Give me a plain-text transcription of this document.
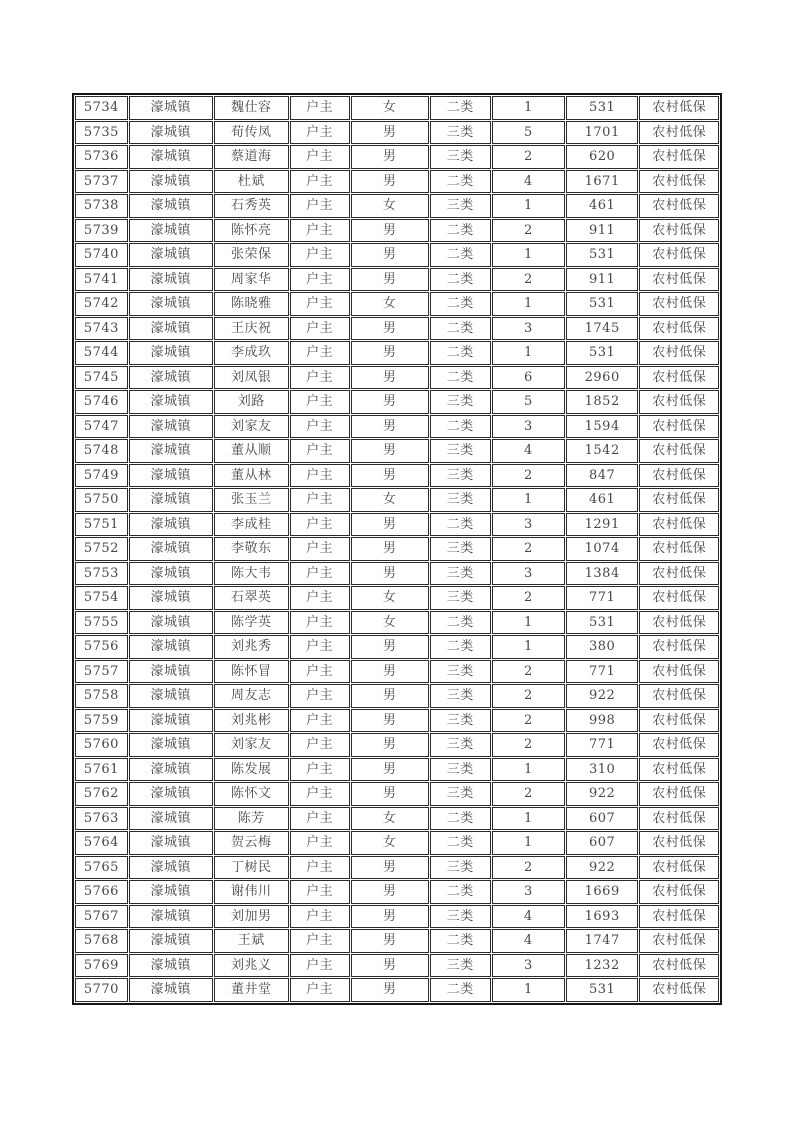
5734	濠城镇	魏仕容	户主	女	二类	1	531	农村低保
5735	濠城镇	荀传凤	户主	男	三类	5	1701	农村低保
5736	濠城镇	蔡道海	户主	男	三类	2	620	农村低保
5737	濠城镇	杜斌	户主	男	二类	4	1671	农村低保
5738	濠城镇	石秀英	户主	女	三类	1	461	农村低保
5739	濠城镇	陈怀亮	户主	男	二类	2	911	农村低保
5740	濠城镇	张荣保	户主	男	二类	1	531	农村低保
5741	濠城镇	周家华	户主	男	二类	2	911	农村低保
5742	濠城镇	陈晓雅	户主	女	二类	1	531	农村低保
5743	濠城镇	王庆祝	户主	男	二类	3	1745	农村低保
5744	濠城镇	李成玖	户主	男	二类	1	531	农村低保
5745	濠城镇	刘凤银	户主	男	二类	6	2960	农村低保
5746	濠城镇	刘路	户主	男	三类	5	1852	农村低保
5747	濠城镇	刘家友	户主	男	二类	3	1594	农村低保
5748	濠城镇	董从顺	户主	男	三类	4	1542	农村低保
5749	濠城镇	董从林	户主	男	三类	2	847	农村低保
5750	濠城镇	张玉兰	户主	女	三类	1	461	农村低保
5751	濠城镇	李成桂	户主	男	二类	3	1291	农村低保
5752	濠城镇	李敬东	户主	男	三类	2	1074	农村低保
5753	濠城镇	陈大韦	户主	男	三类	3	1384	农村低保
5754	濠城镇	石翠英	户主	女	三类	2	771	农村低保
5755	濠城镇	陈学英	户主	女	二类	1	531	农村低保
5756	濠城镇	刘兆秀	户主	男	二类	1	380	农村低保
5757	濠城镇	陈怀冒	户主	男	三类	2	771	农村低保
5758	濠城镇	周友志	户主	男	三类	2	922	农村低保
5759	濠城镇	刘兆彬	户主	男	三类	2	998	农村低保
5760	濠城镇	刘家友	户主	男	三类	2	771	农村低保
5761	濠城镇	陈发展	户主	男	三类	1	310	农村低保
5762	濠城镇	陈怀文	户主	男	三类	2	922	农村低保
5763	濠城镇	陈芳	户主	女	二类	1	607	农村低保
5764	濠城镇	贺云梅	户主	女	二类	1	607	农村低保
5765	濠城镇	丁树民	户主	男	三类	2	922	农村低保
5766	濠城镇	谢伟川	户主	男	二类	3	1669	农村低保
5767	濠城镇	刘加男	户主	男	三类	4	1693	农村低保
5768	濠城镇	王斌	户主	男	二类	4	1747	农村低保
5769	濠城镇	刘兆义	户主	男	三类	3	1232	农村低保
5770	濠城镇	董井堂	户主	男	二类	1	531	农村低保
